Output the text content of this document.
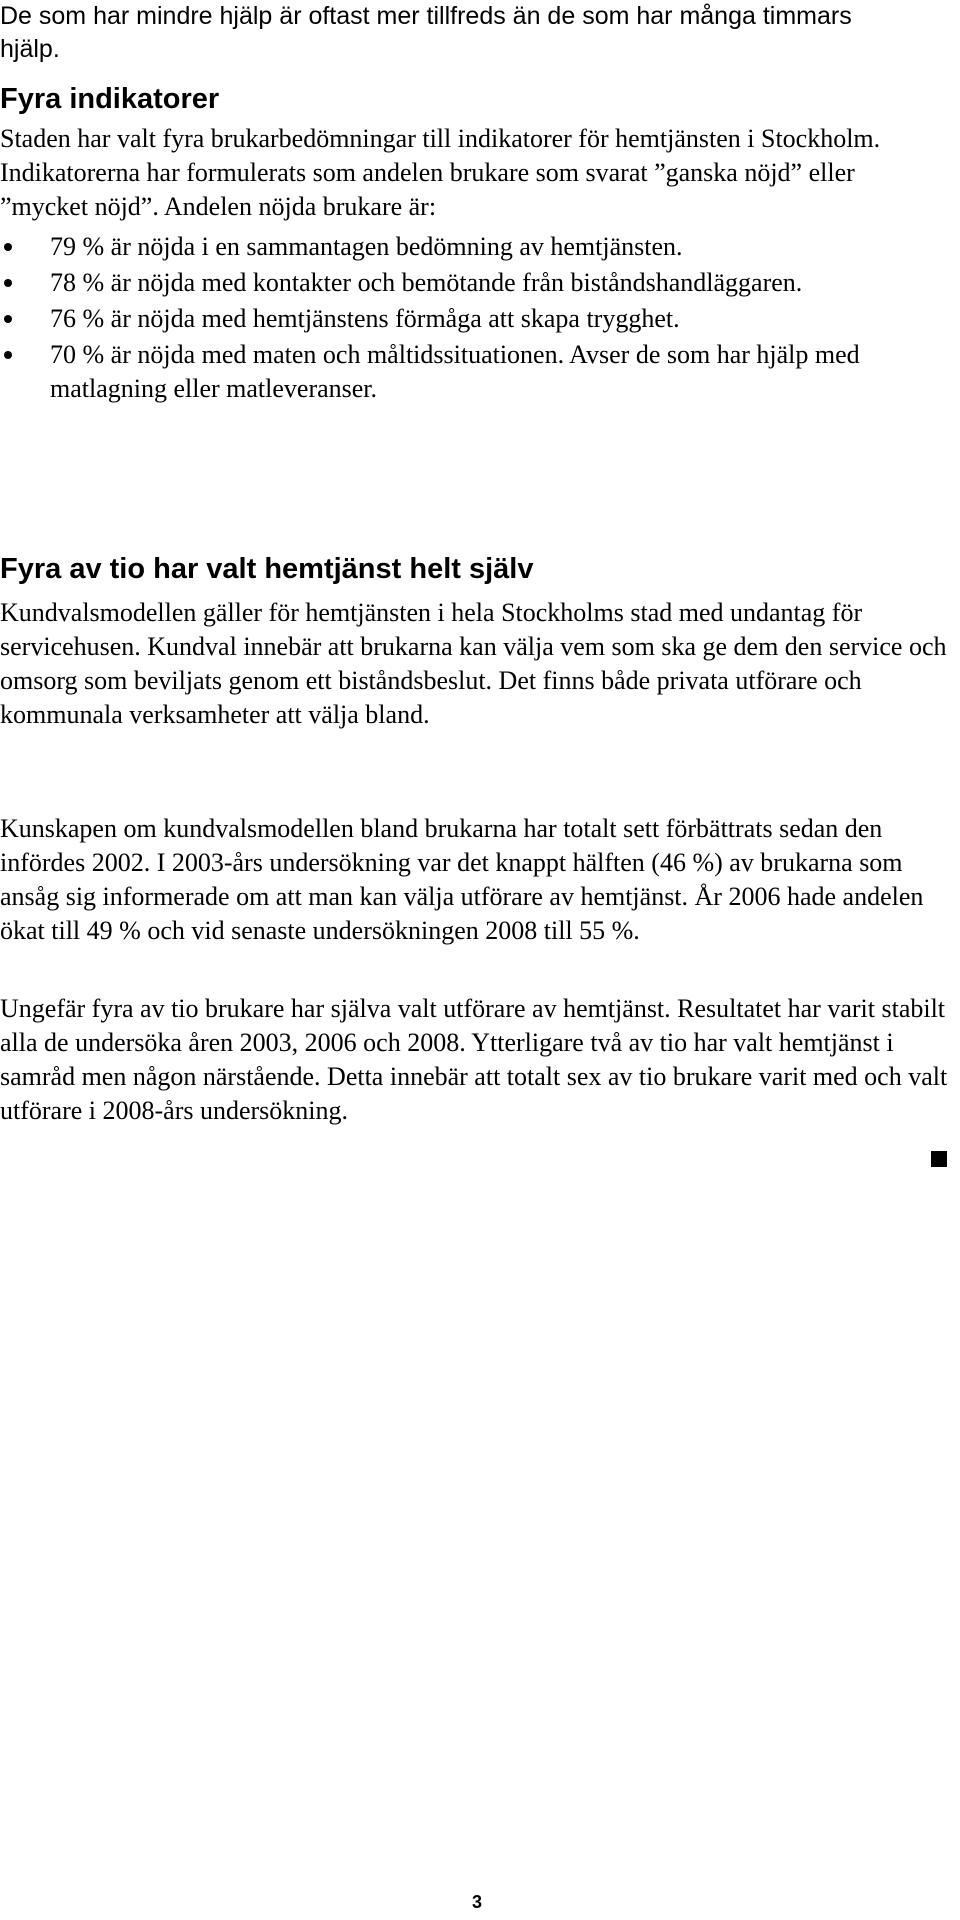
De som har mindre hjälp är oftast mer tillfreds än de som har många timmars hjälp.

Fyra indikatorer

Staden har valt fyra brukarbedömningar till indikatorer för hemtjänsten i Stockholm. Indikatorerna har formulerats som andelen brukare som svarat ”ganska nöjd” eller ”mycket nöjd”. Andelen nöjda brukare är:

79 % är nöjda i en sammantagen bedömning av hemtjänsten.
78 % är nöjda med kontakter och bemötande från biståndshandläggaren.
76 % är nöjda med hemtjänstens förmåga att skapa trygghet.
70 % är nöjda med maten och måltidssituationen. Avser de som har hjälp med matlagning eller matleveranser.
Fyra av tio har valt hemtjänst helt själv

Kundvalsmodellen gäller för hemtjänsten i hela Stockholms stad med undantag för servicehusen. Kundval innebär att brukarna kan välja vem som ska ge dem den service och omsorg som beviljats genom ett biståndsbeslut. Det finns både privata utförare och kommunala verksamheter att välja bland.

Kunskapen om kundvalsmodellen bland brukarna har totalt sett förbättrats sedan den infördes 2002. I 2003-års undersökning var det knappt hälften (46 %) av brukarna som ansåg sig informerade om att man kan välja utförare av hemtjänst. År 2006 hade andelen ökat till 49 % och vid senaste undersökningen 2008 till 55 %.

Ungefär fyra av tio brukare har själva valt utförare av hemtjänst. Resultatet har varit stabilt alla de undersöka åren 2003, 2006 och 2008. Ytterligare två av tio har valt hemtjänst i samråd men någon närstående. Detta innebär att totalt sex av tio brukare varit med och valt utförare i 2008-års undersökning.

3
